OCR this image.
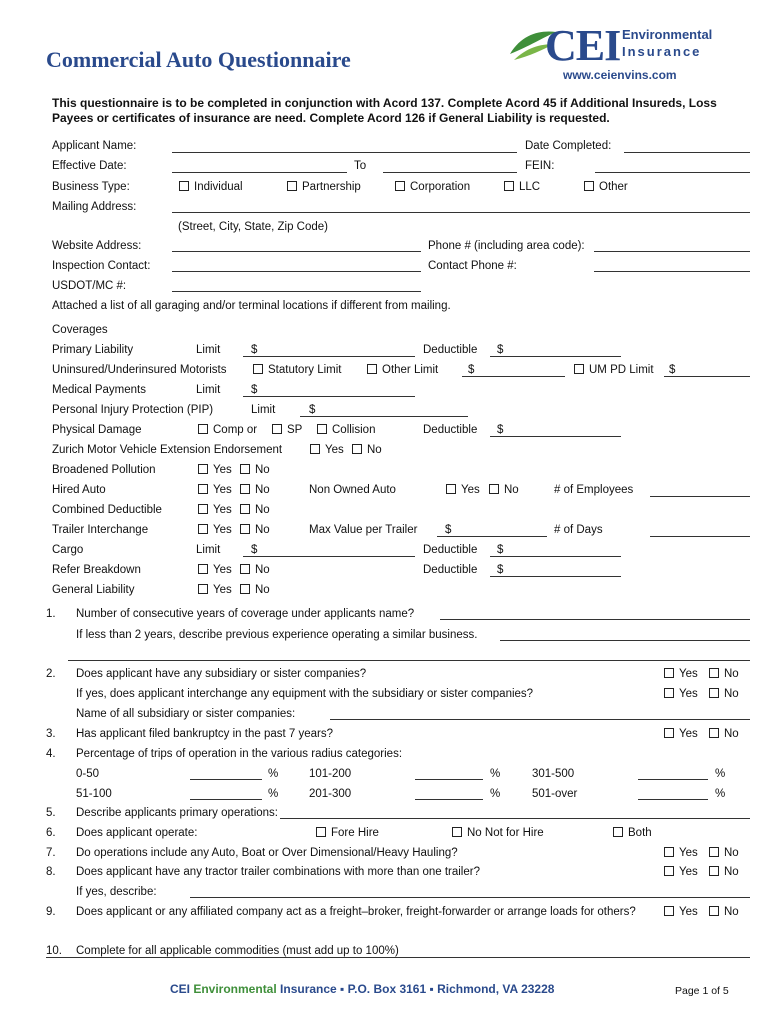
Commercial Auto Questionnaire	CEI Environmental
Insurance
www.ceienvins.com
This questionnaire is to be completed in conjunction with Acord 137. Complete Acord 45 if Additional Insureds, Loss Payees or certificates of insurance are need. Complete Acord 126 if General Liability is requested.
Applicant Name:	Date Completed:
Effective Date:	To	FEIN:
Business Type:	Individual	Partnership	Corporation	LLC	Other
Mailing Address:
(Street, City, State, Zip Code)
Website Address:	Phone # (including area code):
Inspection Contact:	Contact Phone #:
USDOT/MC #:
Attached a list of all garaging and/or terminal locations if different from mailing.
Coverages
Primary Liability	Limit	$	Deductible $
Uninsured/Underinsured Motorists	Statutory Limit	Other Limit	$	UM PD Limit $
Medical Payments	Limit	$
Personal Injury Protection (PIP)	Limit	$
Physical Damage	Comp or	SP	Collision	Deductible $
Zurich Motor Vehicle Extension Endorsement	Yes No
Broadened Pollution	Yes No
Hired Auto	Yes No	Non Owned Auto	Yes No	# of Employees
Combined Deductible	Yes No
Trailer Interchange	Yes No	Max Value per Trailer $	# of Days
Cargo	Limit	$	Deductible $
Refer Breakdown	Yes No	Deductible $
General Liability	Yes No
1. Number of consecutive years of coverage under applicants name?
If less than 2 years, describe previous experience operating a similar business.
2. Does applicant have any subsidiary or sister companies?	Yes No
If yes, does applicant interchange any equipment with the subsidiary or sister companies?	Yes No
Name of all subsidiary or sister companies:
3. Has applicant filed bankruptcy in the past 7 years?	Yes No
4. Percentage of trips of operation in the various radius categories:
0-50	%	101-200	%	301-500	%
51-100	%	201-300	%	501-over	%
5. Describe applicants primary operations:
6. Does applicant operate:	Fore Hire	No Not for Hire	Both
7. Do operations include any Auto, Boat or Over Dimensional/Heavy Hauling?	Yes No
8. Does applicant have any tractor trailer combinations with more than one trailer?	Yes No
If yes, describe:
9. Does applicant or any affiliated company act as a freight–broker, freight-forwarder or arrange loads for others?	Yes No
10. Complete for all applicable commodities (must add up to 100%)
CEI Environmental Insurance ▪ P.O. Box 3161 ▪ Richmond, VA 23228	Page 1 of 5
